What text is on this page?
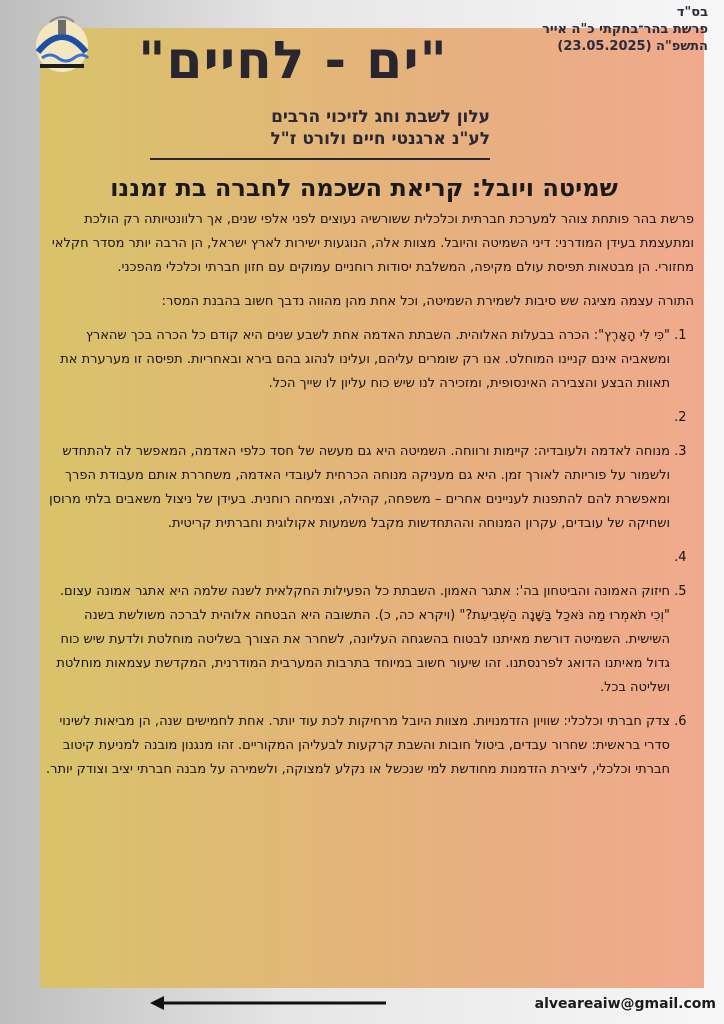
בס"ד
פרשת בהר־בחקתי כ"ה אייר
התשפ"ה (23.05.2025)
"ים - לחיים"
עלון לשבת וחג לזיכוי הרבים
לע"נ ארגנטי חיים ולורט ז"ל
שמיטה ויובל: קריאת השכמה לחברה בת זמננו

פרשת בהר פותחת צוהר למערכת חברתית וכלכלית ששורשיה נעוצים לפני אלפי שנים, אך רלוונטיותה רק הולכת ומתעצמת בעידן המודרני: דיני השמיטה והיובל. מצוות אלה, הנוגעות ישירות לארץ ישראל, הן הרבה יותר מסדר חקלאי מחזורי. הן מבטאות תפיסת עולם מקיפה, המשלבת יסודות רוחניים עמוקים עם חזון חברתי וכלכלי מהפכני.

התורה עצמה מציגה שש סיבות לשמירת השמיטה, וכל אחת מהן מהווה נדבך חשוב בהבנת המסר:

1. "כִּי לִי הָאָרֶץ": הכרה בבעלות האלוהית. השבתת האדמה אחת לשבע שנים היא קודם כל הכרה בכך שהארץ ומשאביה אינם קניינו המוחלט. אנו רק שומרים עליהם, ועלינו לנהוג בהם בירא ובאחריות. תפיסה זו מערערת את תאוות הבצע והצבירה האינסופית, ומזכירה לנו שיש כוח עליון לו שייך הכל.
2.
3. מנוחה לאדמה ולעובדיה: קיימות ורווחה. השמיטה היא גם מעשה של חסד כלפי האדמה, המאפשר לה להתחדש ולשמור על פוריותה לאורך זמן. היא גם מעניקה מנוחה הכרחית לעובדי האדמה, משחררת אותם מעבודת הפרך ומאפשרת להם להתפנות לעניינים אחרים – משפחה, קהילה, וצמיחה רוחנית. בעידן של ניצול משאבים בלתי מרוסן ושחיקה של עובדים, עקרון המנוחה וההתחדשות מקבל משמעות אקולוגית וחברתית קריטית.
4.
5. חיזוק האמונה והביטחון בה': אתגר האמון. השבתת כל הפעילות החקלאית לשנה שלמה היא אתגר אמונה עצום. "וְכִי תֹאמְרוּ מַה נֹּאכַל בַּשָּׁנָה הַשְּׁבִיעִת?" (ויקרא כה, כ). התשובה היא הבטחה אלוהית לברכה משולשת בשנה השישית. השמיטה דורשת מאיתנו לבטוח בהשגחה העליונה, לשחרר את הצורך בשליטה מוחלטת ולדעת שיש כוח גדול מאיתנו הדואג לפרנסתנו. זהו שיעור חשוב במיוחד בתרבות המערבית המודרנית, המקדשת עצמאות מוחלטת ושליטה בכל.
6. צדק חברתי וכלכלי: שוויון הזדמנויות. מצוות היובל מרחיקות לכת עוד יותר. אחת לחמישים שנה, הן מביאות לשינוי סדרי בראשית: שחרור עבדים, ביטול חובות והשבת קרקעות לבעליהן המקוריים. זהו מנגנון מובנה למניעת קיטוב חברתי וכלכלי, ליצירת הזדמנות מחודשת למי שנכשל או נקלע למצוקה, ולשמירה על מבנה חברתי יציב וצודק יותר.
alveareaiw@gmail.com
